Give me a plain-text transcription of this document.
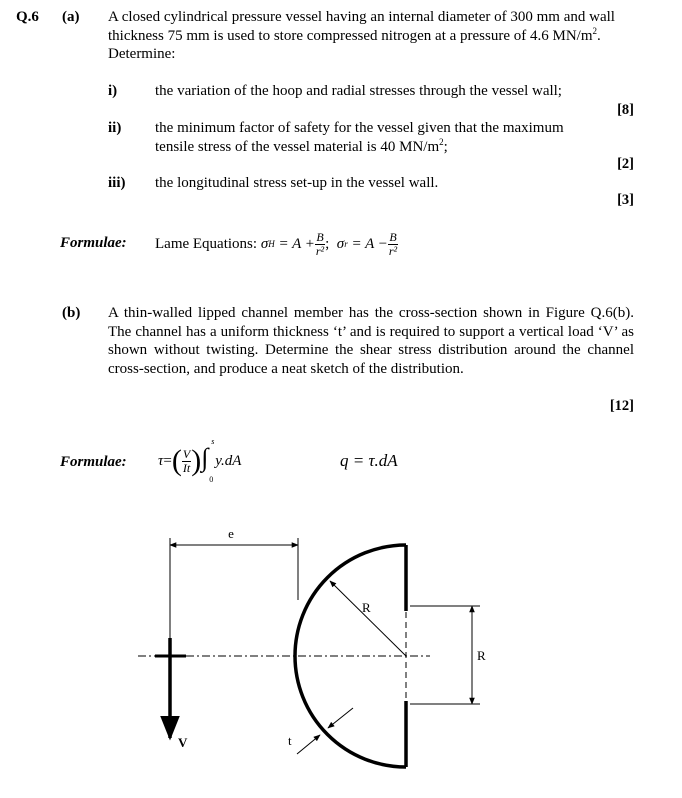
Q.6 (a) A closed cylindrical pressure vessel having an internal diameter of 300 mm and wall thickness 75 mm is used to store compressed nitrogen at a pressure of 4.6 $MN/m^2$. Determine:
i)	the variation of the hoop and radial stresses through the vessel wall;
[8]
ii) the minimum factor of safety for the vessel given that the maximum tensile stress of the vessel material is 40 $MN/m^2$;
[2]
iii) the longitudinal stress set-up in the vessel wall.
[3]
Formulae: Lame Equations:
σ H
= $A + \frac{B}{\text{r²}}$ ;
σ r
= $A - \frac{B}{\text{r²}}$
(b) A thin-walled lipped channel member has the cross-section shown in Figure Q.6(b). The channel has a uniform thickness ‘t’ and is required to support a vertical load ‘V’ as shown without twisting. Determine the shear stress distribution around the channel cross-section, and produce a neat sketch of the distribution.
[12]
Formulae: τ = ( $\frac{V}{It}$ ) ∫
s
0
y.dA	q = τ.dA
e
R
R
t
V
